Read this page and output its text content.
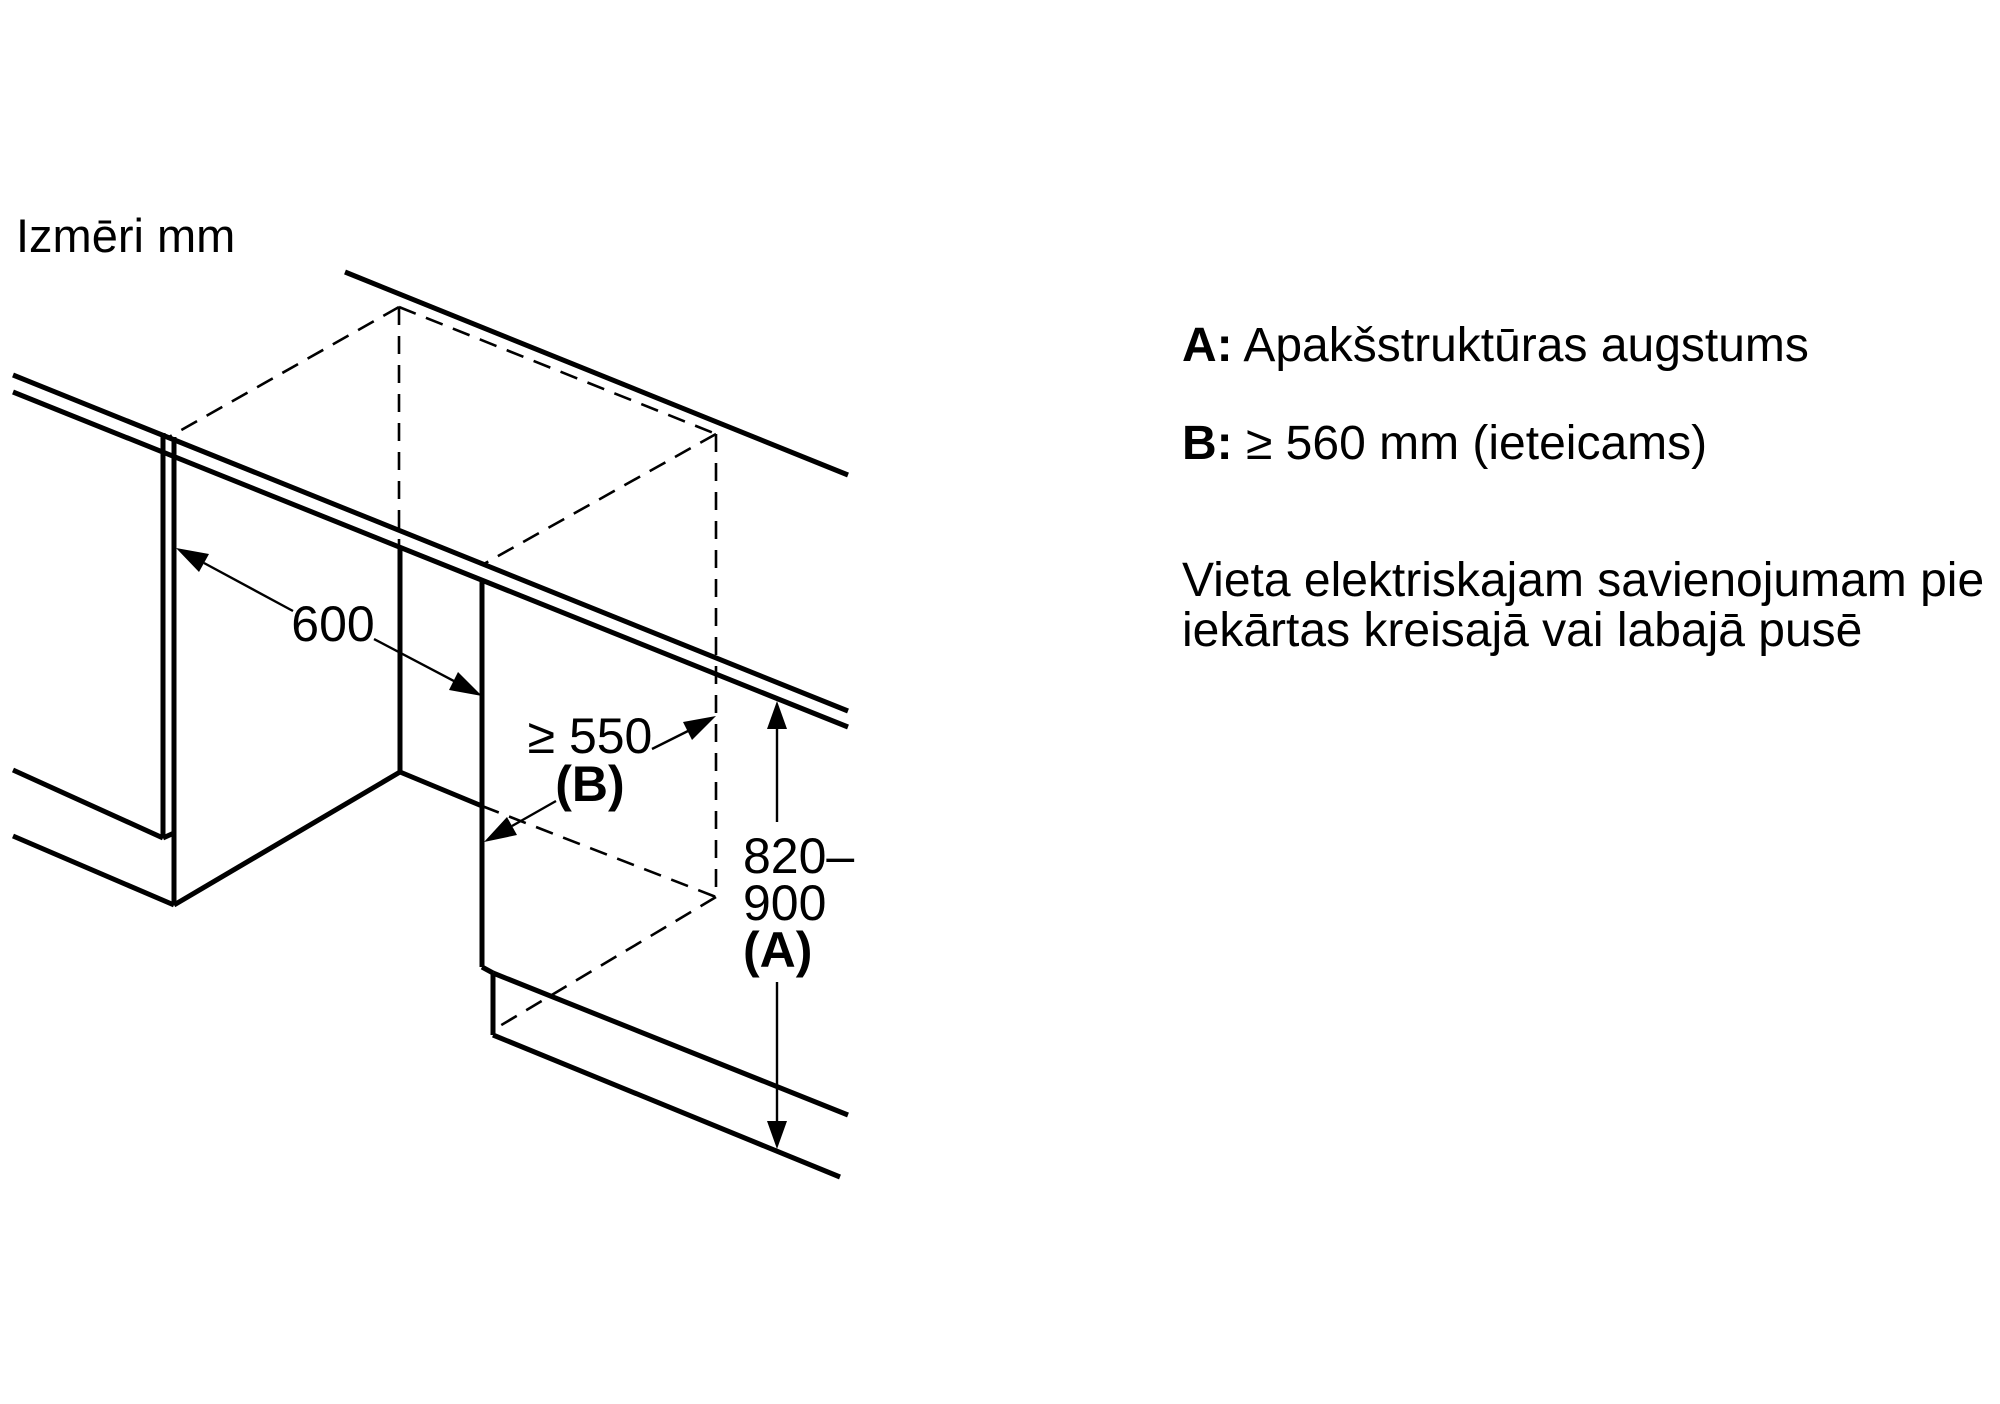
Izmēri mm
600
≥ 550
(B)
820–
900
(A)
A: Apakšstruktūras augstums
B: ≥ 560 mm (ieteicams)
Vieta elektriskajam savienojumam pie iekārtas kreisajā vai labajā pusē
